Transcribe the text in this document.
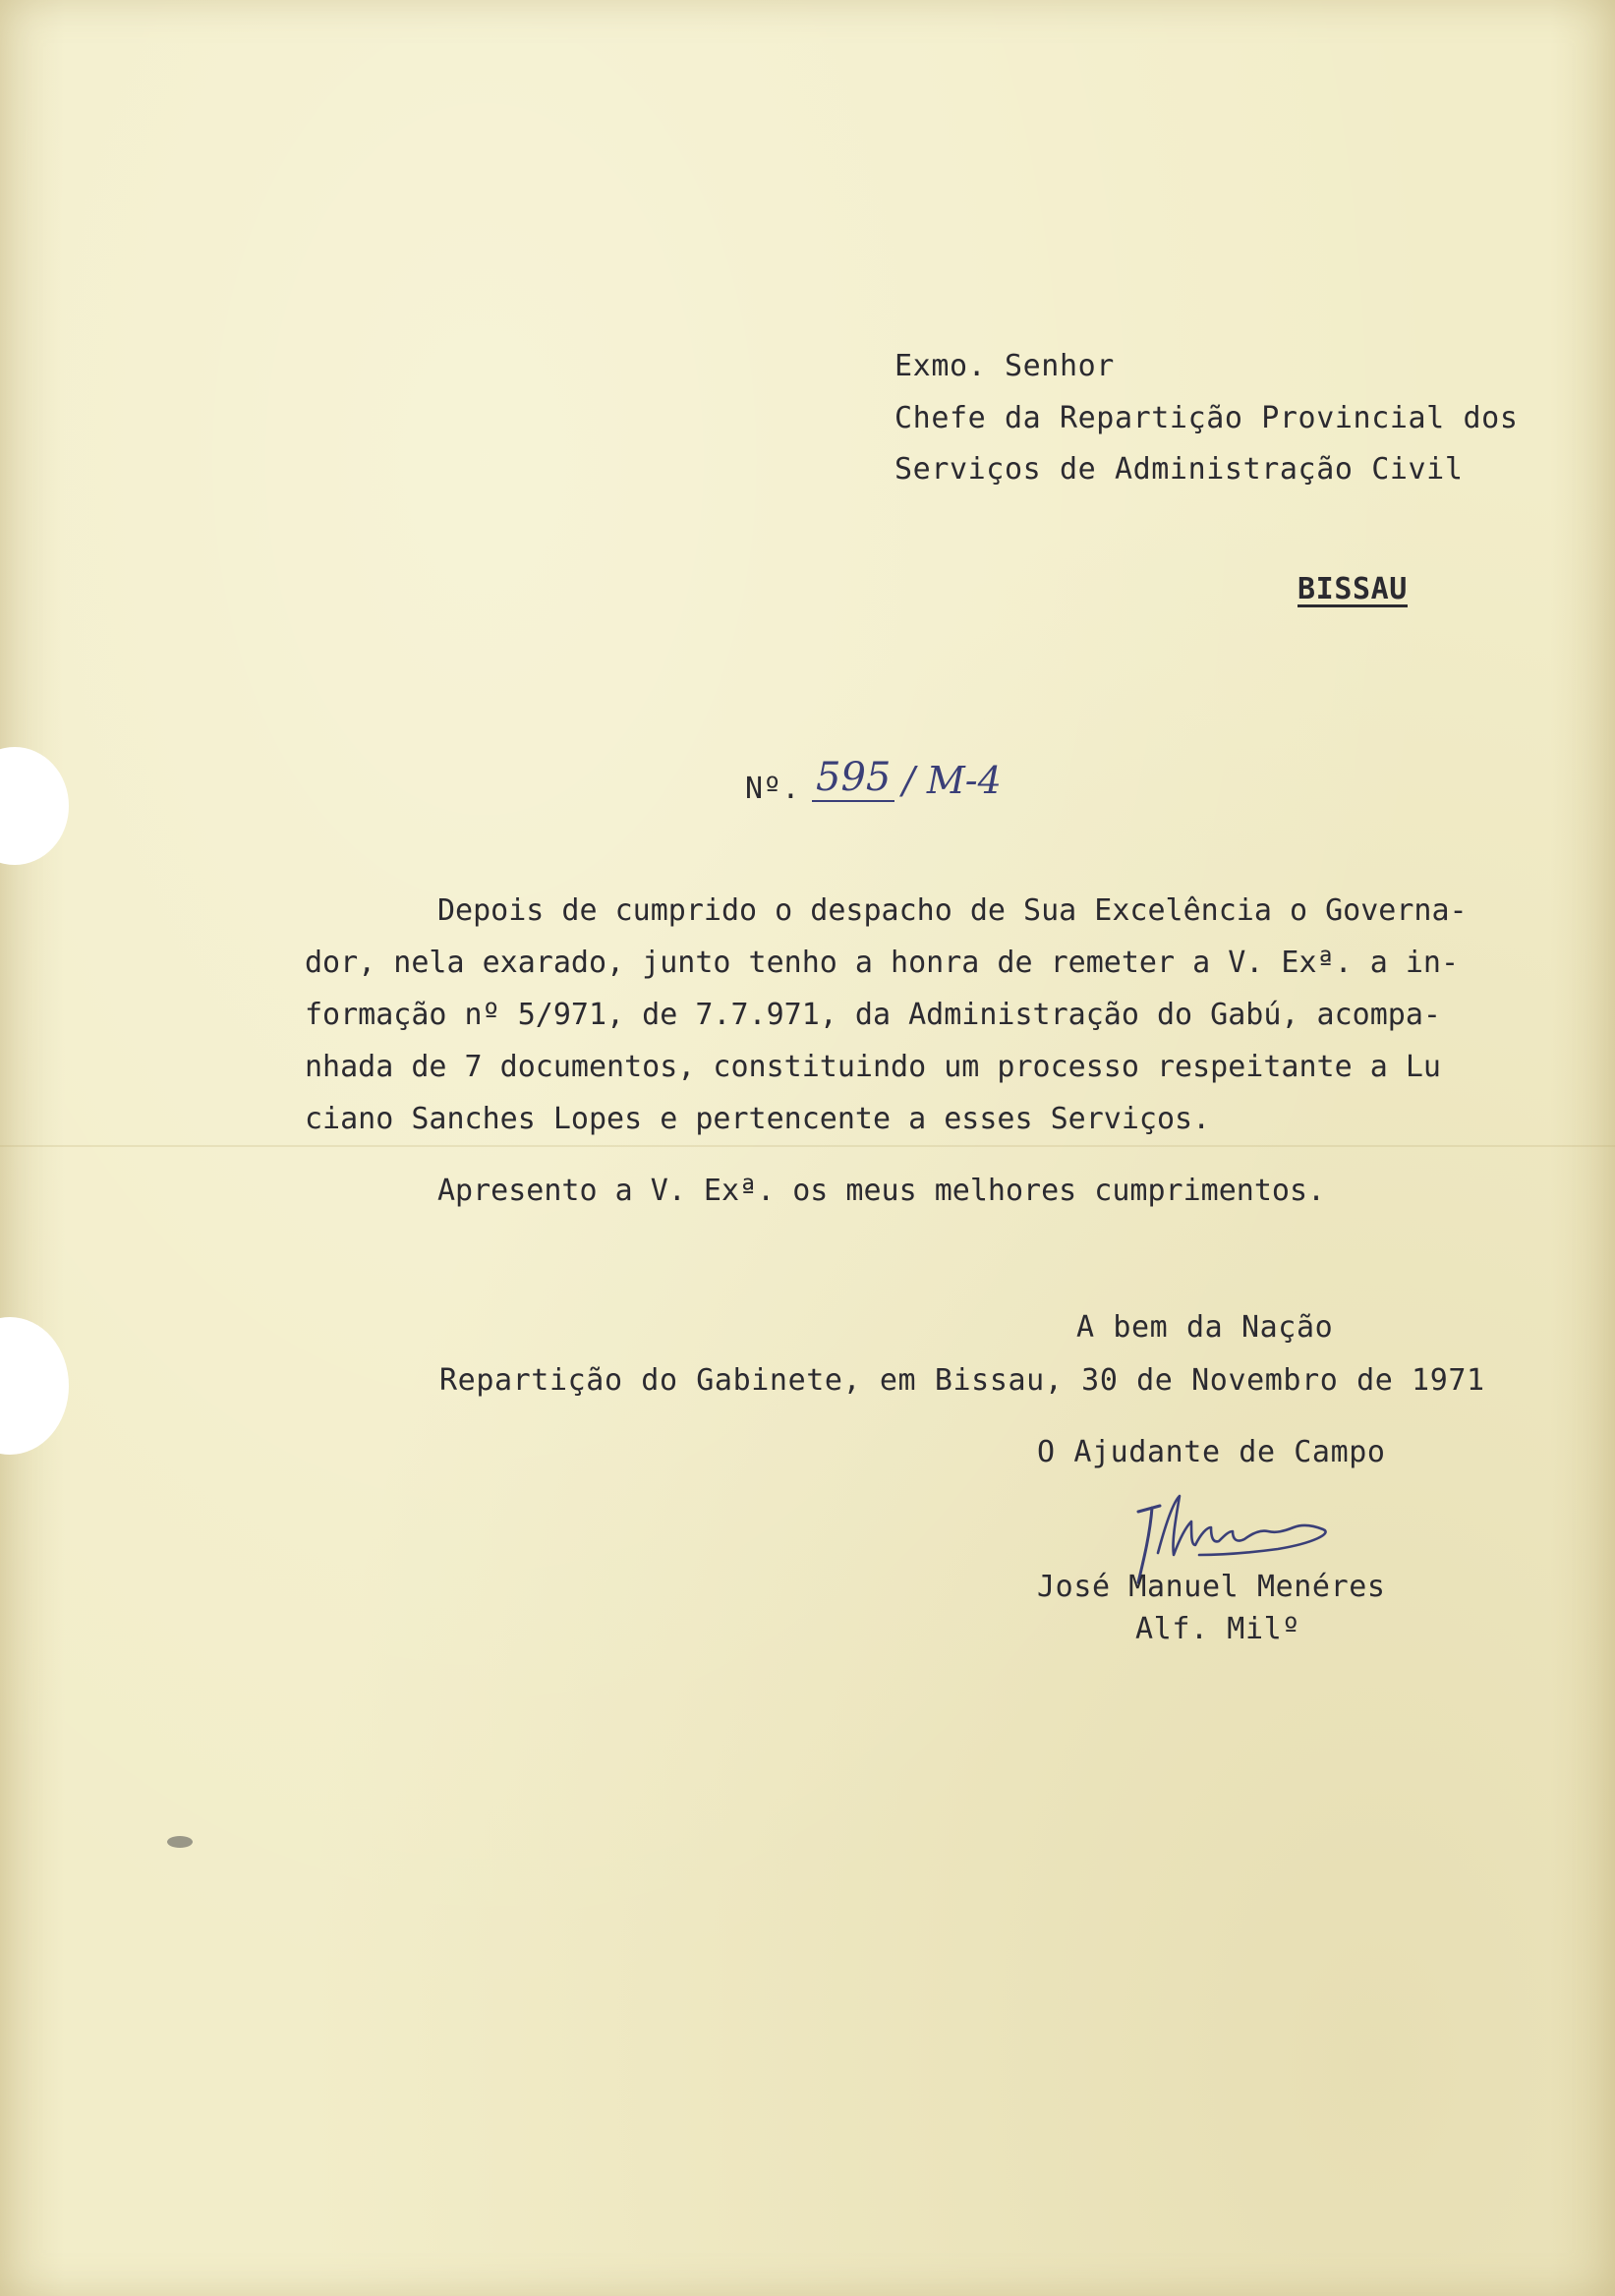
Exmo. Senhor
Chefe da Repartição Provincial dos
Serviços de Administração Civil
BISSAU
Nº. 595 / M-4
Depois de cumprido o despacho de Sua Excelência o Governa-
dor, nela exarado, junto tenho a honra de remeter a V. Exª. a in-
formação nº 5/971, de 7.7.971, da Administração do Gabú, acompa-
nhada de 7 documentos, constituindo um processo respeitante a Lu
ciano Sanches Lopes e pertencente a esses Serviços.
Apresento a V. Exª. os meus melhores cumprimentos.
A bem da Nação
Repartição do Gabinete, em Bissau, 30 de Novembro de 1971
O Ajudante de Campo
José Manuel Menéres
Alf. Milº
